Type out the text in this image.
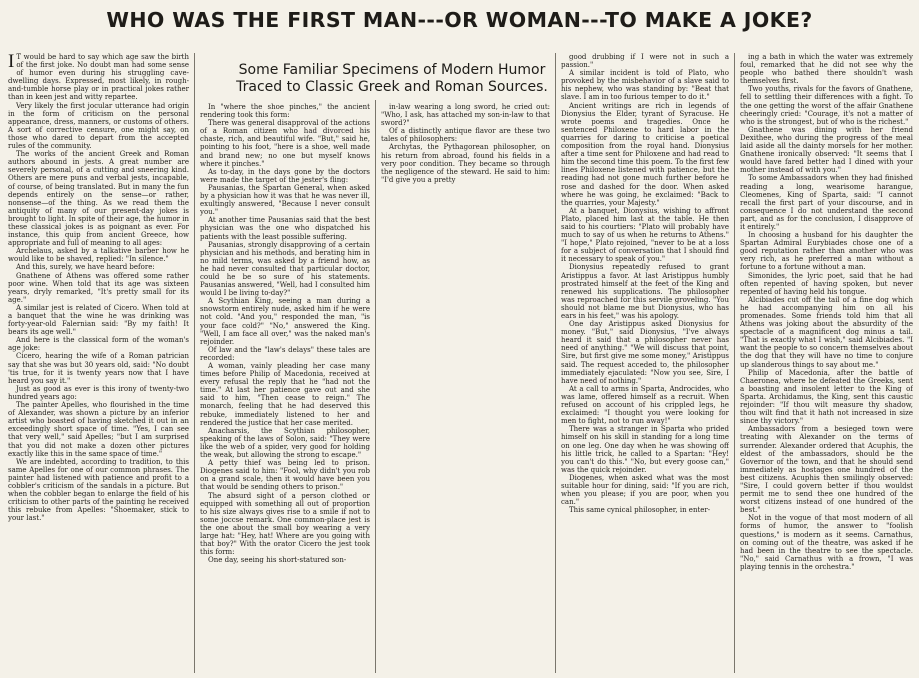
WHO WAS THE FIRST MAN---OR WOMAN---TO MAKE A JOKE?
Some Familiar Specimens of Modern Humor Traced to Classic Greek and Roman Sources.

I T would be hard to say which age saw the birth of the first joke. No doubt man had some sense of humor even during his struggling cave-dwelling days. Expressed, most likely, in rough-and-tumble horse play or in practical jokes rather than in keen jest and witty repartee.

Very likely the first jocular utterance had origin in the form of criticism on the personal appearance, dress, manners, or customs of others. A sort of corrective censure, one might say, on those who dared to depart from the accepted rules of the community.

The works of the ancient Greek and Roman authors abound in jests. A great number are severely personal, of a cutting and sneering kind. Others are mere puns and verbal jests, incapable, of course, of being translated. But in many the fun depends entirely on the sense—or rather, nonsense—of the thing. As we read them the antiquity of many of our present-day jokes is brought to light. In spite of their age, the humor in these classical jokes is as poignant as ever. For instance, this quip from ancient Greece, how appropriate and full of meaning to all ages:

Archelaus, asked by a talkative barber how he would like to be shaved, replied: "In silence."

And this, surely, we have heard before:

Gnathene of Athens was offered some rather poor wine. When told that its age was sixteen years, dryly remarked, "It's pretty small for its age."

A similar jest is related of Cicero. When told at a banquet that the wine he was drinking was forty-year-old Falernian said: "By my faith! It bears its age well."

And here is the classical form of the woman's age joke:

Cicero, hearing the wife of a Roman patrician say that she was but 30 years old, said: "No doubt 'tis true, for it is twenty years now that I have heard you say it."

Just as good as ever is this irony of twenty-two hundred years ago:

The painter Apelles, who flourished in the time of Alexander, was shown a picture by an inferior artist who boasted of having sketched it out in an exceedingly short space of time. "Yes, I can see that very well," said Apelles; "but I am surprised that you did not make a dozen other pictures exactly like this in the same space of time."

We are indebted, according to tradition, to this same Apelles for one of our common phrases. The painter had listened with patience and profit to a cobbler's criticism of the sandals in a picture. But when the cobbler began to enlarge the field of his criticism to other parts of the painting he received this rebuke from Apelles: "Shoemaker, stick to your last."

In "where the shoe pinches," the ancient rendering took this form:

There was general disapproval of the actions of a Roman citizen who had divorced his chaste, rich, and beautiful wife. "But," said he, pointing to his foot, "here is a shoe, well made and brand new; no one but myself knows where it pinches."

As to-day, in the days gone by the doctors were made the target of the jester's fling:

Pausanias, the Spartan General, when asked by a physician how it was that he was never ill, exultingly answered, "Because I never consult you."

At another time Pausanias said that the best physician was the one who dispatched his patients with the least possible suffering.

Pausanias, strongly disapproving of a certain physician and his methods, and berating him in no mild terms, was asked by a friend how, as he had never consulted that particular doctor, could he be so sure of his statements. Pausanias answered, "Well, had I consulted him would I be living to-day?"

A Scythian King, seeing a man during a snowstorm entirely nude, asked him if he were not cold. "And you," responded the man, "is your face cold?" "No," answered the King. "Well, I am face all over," was the naked man's rejoinder.

Of law and the "law's delays" these tales are recorded:

A woman, vainly pleading her case many times before Philip of Macedonia, received at every refusal the reply that he "had not the time." At last her patience gave out and she said to him, "Then cease to reign." The monarch, feeling that he had deserved this rebuke, immediately listened to her and rendered the justice that her case merited.

Anacharsis, the Scythian philosopher, speaking of the laws of Solon, said: "They were like the web of a spider, very good for holding the weak, but allowing the strong to escape."

A petty thief was being led to prison. Diogenes said to him: "Fool, why didn't you rob on a grand scale, then it would have been you that would be sending others to prison."

The absurd sight of a person clothed or equipped with something all out of proportion to his size always gives rise to a smile if not to some joccse remark. One common-place jest is the one about the small boy wearing a very large hat: "Hey, hat! Where are you going with that boy?" With the orator Cicero the jest took this form:

One day, seeing his short-statured son-

in-law wearing a long sword, he cried out: "Who, I ask, has attached my son-in-law to that sword?"

Of a distinctly antique flavor are these two tales of philosophers:

Archytas, the Pythagorean philosopher, on his return from abroad, found his fields in a very poor condition. They became so through the negligence of the steward. He said to him: "I'd give you a pretty

good drubbing if I were not in such a passion."

A similar incident is told of Plato, who provoked by the misbehavior of a slave said to his nephew, who was standing by: "Beat that slave. I am in too furious temper to do it."

Ancient writings are rich in legends of Dionysius the Elder, tyrant of Syracuse. He wrote poems and tragedies. Once he sentenced Philoxene to hard labor in the quarries for daring to criticise a poetical composition from the royal hand. Dionysius after a time sent for Philoxene and had read to him the second time this poem. To the first few lines Philoxene listened with patience, but the reading had not gone much further before he rose and dashed for the door. When asked where he was going, he exclaimed: "Back to the quarries, your Majesty."

At a banquet, Dionysius, wishing to affront Plato, placed him last at the table. He then said to his courtiers: "Plato will probably have much to say of us when he returns to Athens." "I hope," Plato rejoined, "never to be at a loss for a subject of conversation that I should find it necessary to speak of you."

Dionysius repeatedly refused to grant Aristippus a favor. At last Aristippus humbly prostrated himself at the feet of the King and renewed his supplications. The philosopher was reproached for this servile groveling. "You should not blame me but Dionysius, who has ears in his feet," was his apology.

One day Aristippus asked Dionysius for money. "But," said Dionysius, "I've always heard it said that a philosopher never has need of anything." "We will discuss that point, Sire, but first give me some money," Aristippus said. The request acceded to, the philosopher immediately ejaculated: "Now you see, Sire, I have need of nothing."

At a call to arms in Sparta, Androcides, who was lame, offered himself as a recruit. When refused on account of his crippled legs, he exclaimed: "I thought you were looking for men to fight, not to run away!"

There was a stranger in Sparta who prided himself on his skill in standing for a long time on one leg. One day when he was showing off his little trick, he called to a Spartan: "Hey! you can't do this." "No, but every goose can," was the quick rejoinder.

Diogenes, when asked what was the most suitable hour for dining, said: "If you are rich, when you please; if you are poor, when you can."

This same cynical philosopher, in enter-

ing a bath in which the water was extremely foul, remarked that he did not see why the people who bathed there shouldn't wash themselves first.

Two youths, rivals for the favors of Gnathene, fell to settling their differences with a fight. To the one getting the worst of the affair Gnathene cheeringly cried: "Courage, it's not a matter of who is the strongest, but of who is the richest."

Gnathene was dining with her friend Dexithee, who during the progress of the meal laid aside all the dainty morsels for her mother. Gnathene ironically observed: "It seems that I would have fared better had I dined with your mother instead of with you."

To some Ambassadors when they had finished reading a long, wearisome harangue, Cleomenes, King of Sparta, said: "I cannot recall the first part of your discourse, and in consequence I do not understand the second part, and as for the conclusion, I disapprove of it entirely."

In choosing a husband for his daughter the Spartan Admiral Eurybiades chose one of a good reputation rather than another who was very rich, as he preferred a man without a fortune to a fortune without a man.

Simonides, the lyric poet, said that he had often repented of having spoken, but never repented of having held his tongue.

Alcibiades cut off the tail of a fine dog which he had accompanying him on all his promenades. Some friends told him that all Athens was joking about the absurdity of the spectacle of a magnificent dog minus a tail. "That is exactly what I wish," said Alcibiades. "I want the people to so concern themselves about the dog that they will have no time to conjure up slanderous things to say about me."

Philip of Macedonia, after the battle of Chaeronea, where he defeated the Greeks, sent a boasting and insolent letter to the King of Sparta. Archidamus, the King, sent this caustic rejoinder: "If thou wilt measure thy shadow, thou wilt find that it hath not increased in size since thy victory."

Ambassadors from a besieged town were treating with Alexander on the terms of surrender. Alexander ordered that Acuphis, the eldest of the ambassadors, should be the Governor of the town, and that he should send immediately as hostages one hundred of the best citizens. Acuphis then smilingly observed: "Sire, I could govern better if thou wouldst permit me to send thee one hundred of the worst citizens instead of one hundred of the best."

Not in the vogue of that most modern of all forms of humor, the answer to "foolish questions," is modern as it seems. Carnathus, on coming out of the theatre, was asked if he had been in the theatre to see the spectacle. "No," said Carnathus with a frown, "I was playing tennis in the orchestra."
